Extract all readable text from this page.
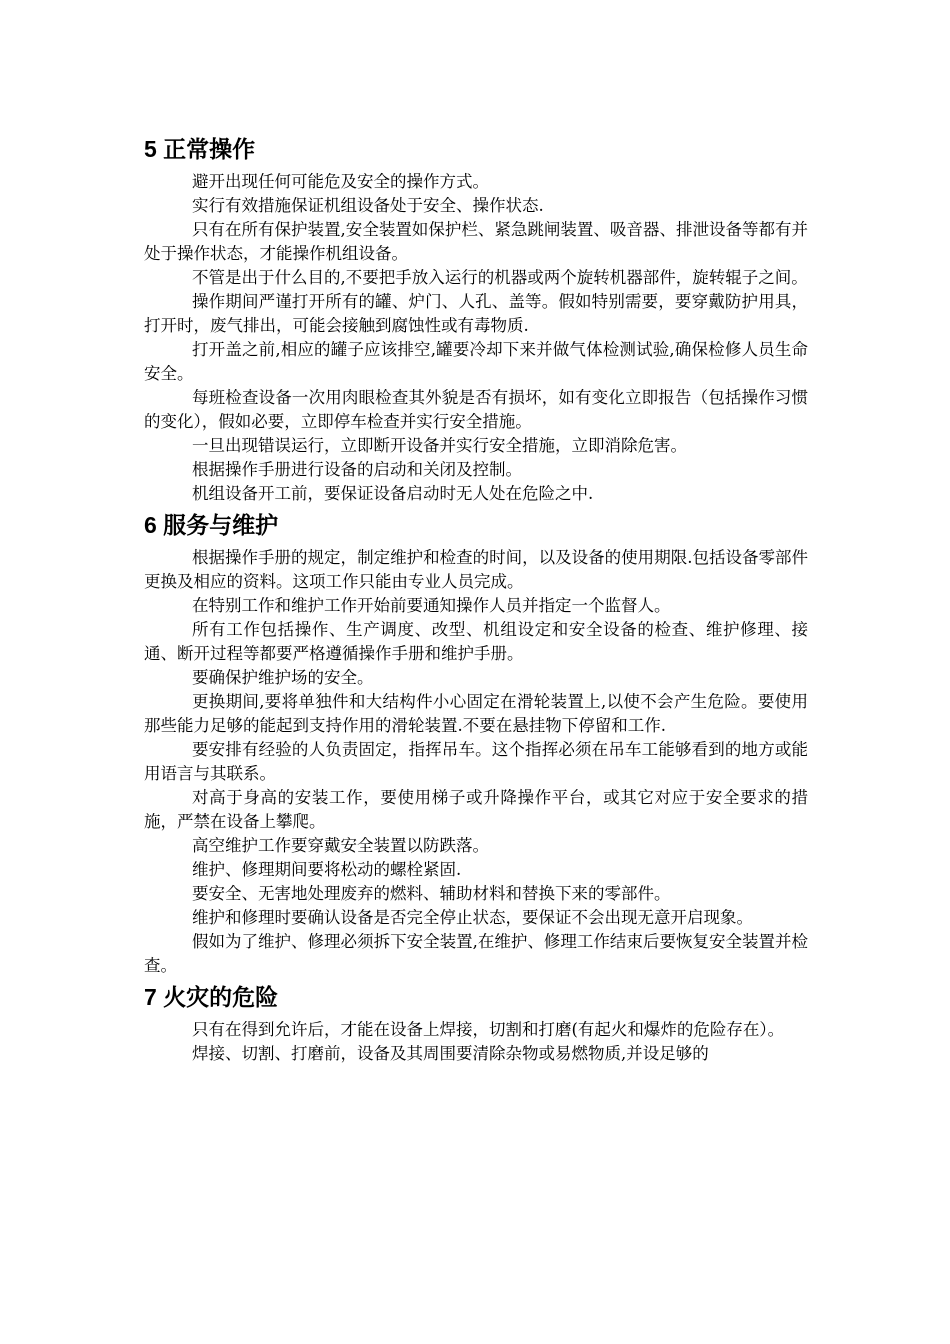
5 正常操作

避开出现任何可能危及安全的操作方式。

实行有效措施保证机组设备处于安全、操作状态.

只有在所有保护装置,安全装置如保护栏、紧急跳闸装置、吸音器、排泄设备等都有并处于操作状态，才能操作机组设备。

不管是出于什么目的,不要把手放入运行的机器或两个旋转机器部件，旋转辊子之间。

操作期间严谨打开所有的罐、炉门、人孔、盖等。假如特别需要，要穿戴防护用具，打开时，废气排出，可能会接触到腐蚀性或有毒物质.

打开盖之前,相应的罐子应该排空,罐要冷却下来并做气体检测试验,确保检修人员生命安全。

每班检查设备一次用肉眼检查其外貌是否有损坏，如有变化立即报告（包括操作习惯的变化），假如必要，立即停车检查并实行安全措施。

一旦出现错误运行，立即断开设备并实行安全措施，立即消除危害。

根据操作手册进行设备的启动和关闭及控制。

机组设备开工前，要保证设备启动时无人处在危险之中.

6 服务与维护

根据操作手册的规定，制定维护和检查的时间，以及设备的使用期限.包括设备零部件更换及相应的资料。这项工作只能由专业人员完成。

在特别工作和维护工作开始前要通知操作人员并指定一个监督人。

所有工作包括操作、生产调度、改型、机组设定和安全设备的检查、维护修理、接通、断开过程等都要严格遵循操作手册和维护手册。

要确保护维护场的安全。

更换期间,要将单独件和大结构件小心固定在滑轮装置上,以使不会产生危险。要使用那些能力足够的能起到支持作用的滑轮装置.不要在悬挂物下停留和工作.

要安排有经验的人负责固定，指挥吊车。这个指挥必须在吊车工能够看到的地方或能用语言与其联系。

对高于身高的安装工作，要使用梯子或升降操作平台，或其它对应于安全要求的措施，严禁在设备上攀爬。

高空维护工作要穿戴安全装置以防跌落。

维护、修理期间要将松动的螺栓紧固.

要安全、无害地处理废弃的燃料、辅助材料和替换下来的零部件。

维护和修理时要确认设备是否完全停止状态，要保证不会出现无意开启现象。

假如为了维护、修理必须拆下安全装置,在维护、修理工作结束后要恢复安全装置并检查。

7 火灾的危险

只有在得到允许后，才能在设备上焊接，切割和打磨(有起火和爆炸的危险存在）。

焊接、切割、打磨前，设备及其周围要清除杂物或易燃物质,并设足够的
